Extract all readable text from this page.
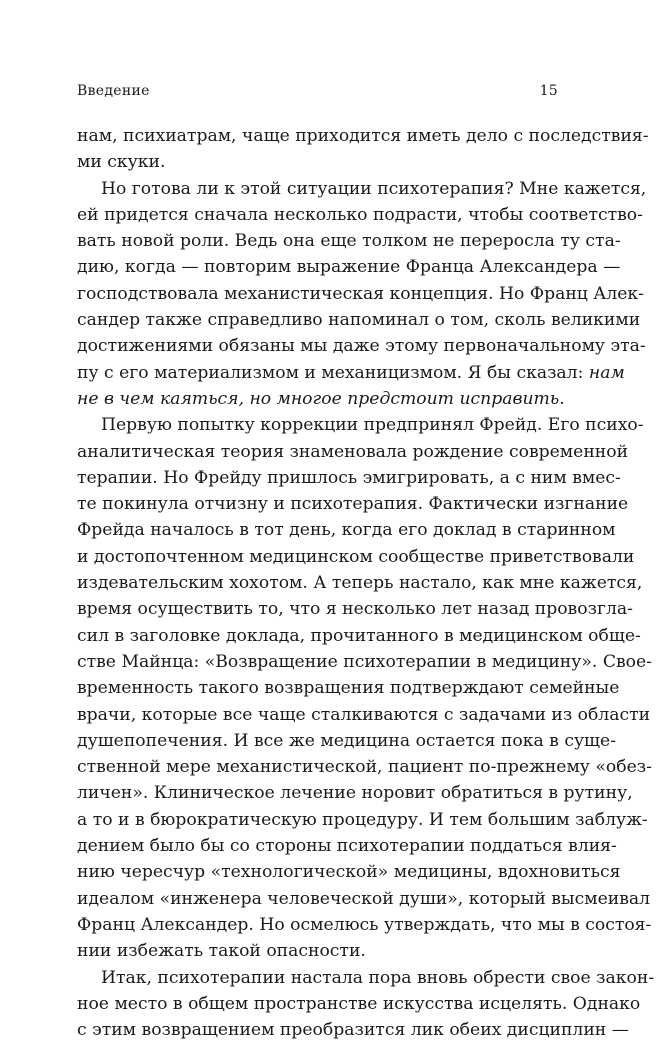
Введение	15
нам, психиатрам, чаще приходится иметь дело с последствия-
ми скуки.
Но готова ли к этой ситуации психотерапия? Мне кажется,
ей придется сначала несколько подрасти, чтобы соответство-
вать новой роли. Ведь она еще толком не переросла ту ста-
дию, когда — повторим выражение Франца Александера —
господствовала механистическая концепция. Но Франц Алек-
сандер также справедливо напоминал о том, сколь великими
достижениями обязаны мы даже этому первоначальному эта-
пу с его материализмом и механицизмом. Я бы сказал: нам
не в чем каяться, но многое предстоит исправить.
Первую попытку коррекции предпринял Фрейд. Его психо-
аналитическая теория знаменовала рождение современной
терапии. Но Фрейду пришлось эмигрировать, а с ним вмес-
те покинула отчизну и психотерапия. Фактически изгнание
Фрейда началось в тот день, когда его доклад в старинном
и достопочтенном медицинском сообществе приветствовали
издевательским хохотом. А теперь настало, как мне кажется,
время осуществить то, что я несколько лет назад провозгла-
сил в заголовке доклада, прочитанного в медицинском обще-
стве Майнца: «Возвращение психотерапии в медицину». Свое-
временность такого возвращения подтверждают семейные
врачи, которые все чаще сталкиваются с задачами из области
душепопечения. И все же медицина остается пока в суще-
ственной мере механистической, пациент по-прежнему «обез-
личен». Клиническое лечение норовит обратиться в рутину,
а то и в бюрократическую процедуру. И тем большим заблуж-
дением было бы со стороны психотерапии поддаться влия-
нию чересчур «технологической» медицины, вдохновиться
идеалом «инженера человеческой души», который высмеивал
Франц Александер. Но осмелюсь утверждать, что мы в состоя-
нии избежать такой опасности.
Итак, психотерапии настала пора вновь обрести свое закон-
ное место в общем пространстве искусства исцелять. Однако
с этим возвращением преобразится лик обеих дисциплин —
